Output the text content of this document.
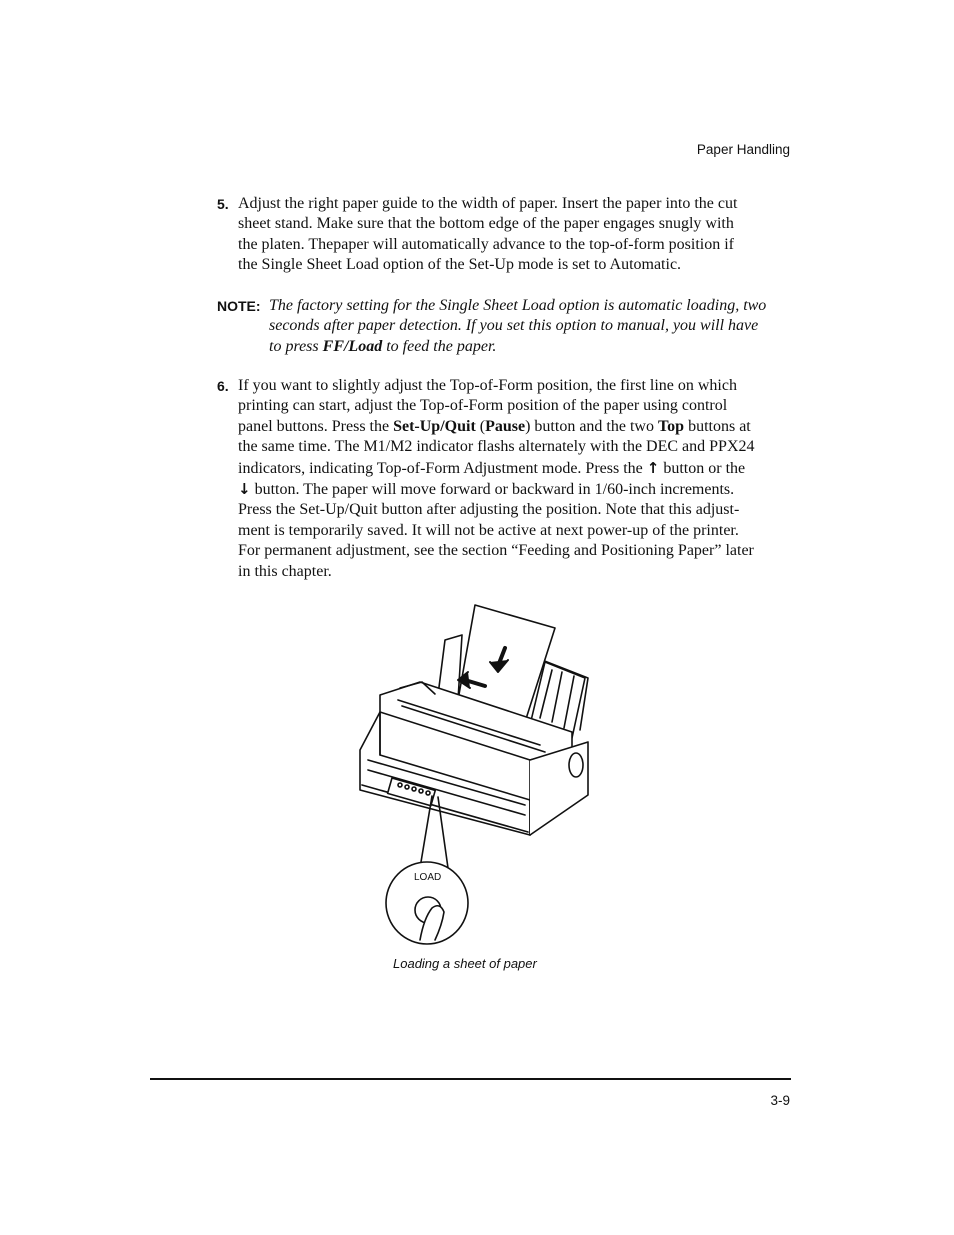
Paper Handling
5. Adjust the right paper guide to the width of paper. Insert the paper into the cut
sheet stand. Make sure that the bottom edge of the paper engages snugly with
the platen. Thepaper will automatically advance to the top-of-form position if
the Single Sheet Load option of the Set-Up mode is set to Automatic.
NOTE: The factory setting for the Single Sheet Load option is automatic loading, two
seconds after paper detection. If you set this option to manual, you will have
to press FF/Load to feed the paper.
6. If you want to slightly adjust the Top-of-Form position, the first line on which
printing can start, adjust the Top-of-Form position of the paper using control
panel buttons. Press the Set-Up/Quit (Pause) button and the two Top buttons at
the same time. The M1/M2 indicator flashs alternately with the DEC and PPX24
indicators, indicating Top-of-Form Adjustment mode. Press the ↑ button or the
↓ button. The paper will move forward or backward in 1/60-inch increments.
Press the Set-Up/Quit button after adjusting the position. Note that this adjust-
ment is temporarily saved. It will not be active at next power-up of the printer.
For permanent adjustment, see the section “Feeding and Positioning Paper” later
in this chapter.
LOAD
Loading a sheet of paper
3-9
